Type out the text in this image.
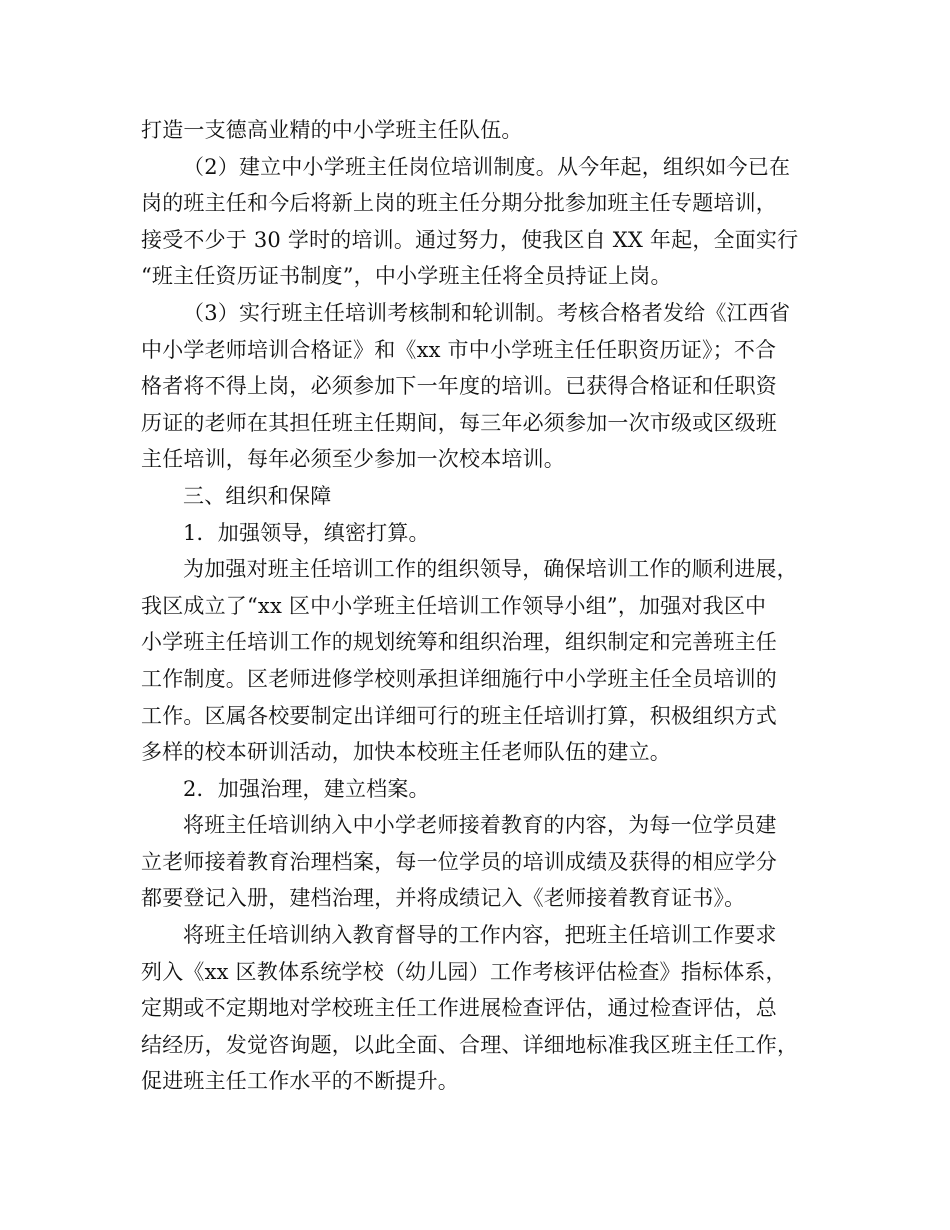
打造一支德高业精的中小学班主任队伍。
（2）建立中小学班主任岗位培训制度。从今年起，组织如今已在
岗的班主任和今后将新上岗的班主任分期分批参加班主任专题培训，
接受不少于 30 学时的培训。通过努力，使我区自 XX 年起，全面实行
“班主任资历证书制度”，中小学班主任将全员持证上岗。
（3）实行班主任培训考核制和轮训制。考核合格者发给《江西省
中小学老师培训合格证》和《xx 市中小学班主任任职资历证》；不合
格者将不得上岗，必须参加下一年度的培训。已获得合格证和任职资
历证的老师在其担任班主任期间，每三年必须参加一次市级或区级班
主任培训，每年必须至少参加一次校本培训。
三、组织和保障
1．加强领导，缜密打算。
为加强对班主任培训工作的组织领导，确保培训工作的顺利进展，
我区成立了“xx 区中小学班主任培训工作领导小组”，加强对我区中
小学班主任培训工作的规划统筹和组织治理，组织制定和完善班主任
工作制度。区老师进修学校则承担详细施行中小学班主任全员培训的
工作。区属各校要制定出详细可行的班主任培训打算，积极组织方式
多样的校本研训活动，加快本校班主任老师队伍的建立。
2．加强治理，建立档案。
将班主任培训纳入中小学老师接着教育的内容，为每一位学员建
立老师接着教育治理档案，每一位学员的培训成绩及获得的相应学分
都要登记入册，建档治理，并将成绩记入《老师接着教育证书》。
将班主任培训纳入教育督导的工作内容，把班主任培训工作要求
列入《xx 区教体系统学校（幼儿园）工作考核评估检查》指标体系，
定期或不定期地对学校班主任工作进展检查评估，通过检查评估，总
结经历，发觉咨询题，以此全面、合理、详细地标准我区班主任工作，
促进班主任工作水平的不断提升。
